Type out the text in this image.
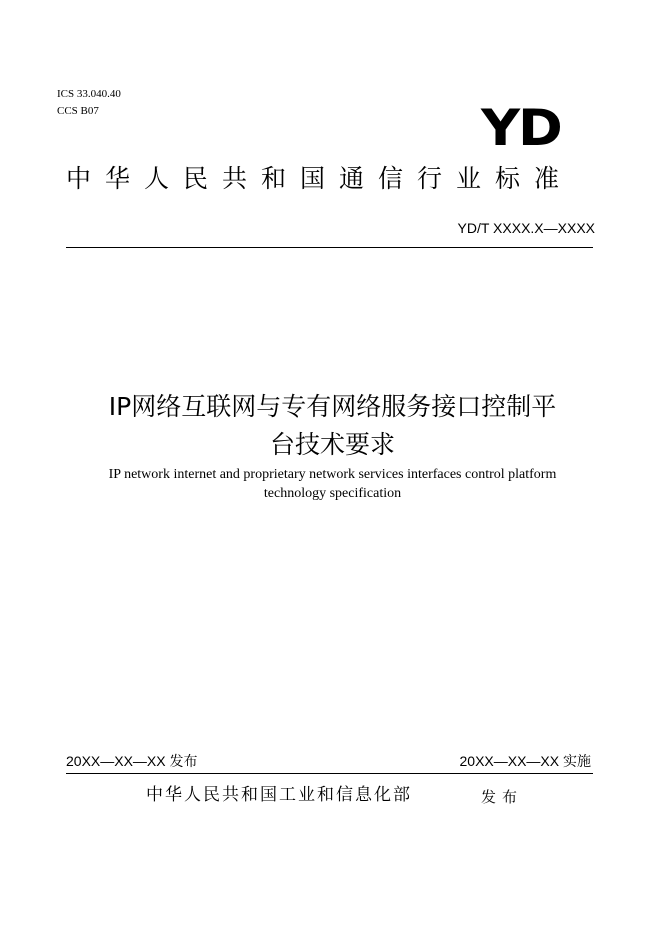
ICS 33.040.40
CCS B07	YD
中华人民共和国通信行业标准
YD/T XXXX.X—XXXX
IP网络互联网与专有网络服务接口控制平
台技术要求
IP network internet and proprietary network services interfaces control platform
technology specification
20XX—XX—XX 发布	20XX—XX—XX 实施
中华人民共和国工业和信息化部	发布
